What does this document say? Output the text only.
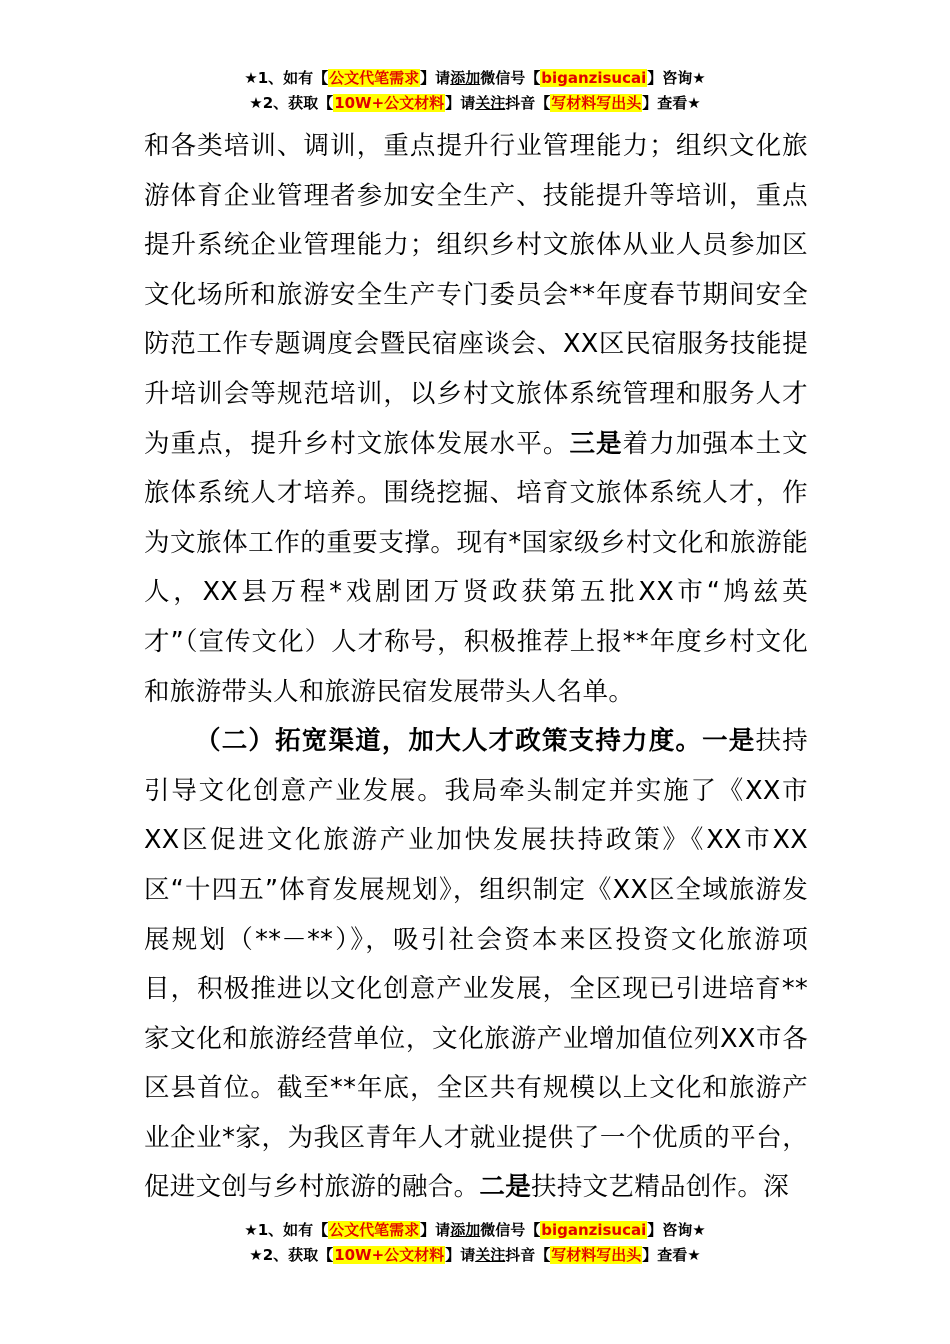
★1、如有【公文代笔需求】请添加微信号【biganzisucai】咨询★
★2、获取【10W+公文材料】请关注抖音【写材料写出头】查看★

和各类培训、调训，重点提升行业管理能力；组织文化旅游体育企业管理者参加安全生产、技能提升等培训，重点提升系统企业管理能力；组织乡村文旅体从业人员参加区文化场所和旅游安全生产专门委员会**年度春节期间安全防范工作专题调度会暨民宿座谈会、XX区民宿服务技能提升培训会等规范培训，以乡村文旅体系统管理和服务人才为重点，提升乡村文旅体发展水平。三是着力加强本土文旅体系统人才培养。围绕挖掘、培育文旅体系统人才，作为文旅体工作的重要支撑。现有*国家级乡村文化和旅游能人，XX县万程*戏剧团万贤政获第五批XX市“鸠兹英才”（宣传文化）人才称号，积极推荐上报**年度乡村文化和旅游带头人和旅游民宿发展带头人名单。

（二）拓宽渠道，加大人才政策支持力度。一是扶持引导文化创意产业发展。我局牵头制定并实施了《XX市XX区促进文化旅游产业加快发展扶持政策》《XX市XX区“十四五”体育发展规划》，组织制定《XX区全域旅游发展规划（**－**）》，吸引社会资本来区投资文化旅游项目，积极推进以文化创意产业发展，全区现已引进培育**家文化和旅游经营单位，文化旅游产业增加值位列XX市各区县首位。截至**年底，全区共有规模以上文化和旅游产业企业*家，为我区青年人才就业提供了一个优质的平台，促进文创与乡村旅游的融合。二是扶持文艺精品创作。深

★1、如有【公文代笔需求】请添加微信号【biganzisucai】咨询★
★2、获取【10W+公文材料】请关注抖音【写材料写出头】查看★
